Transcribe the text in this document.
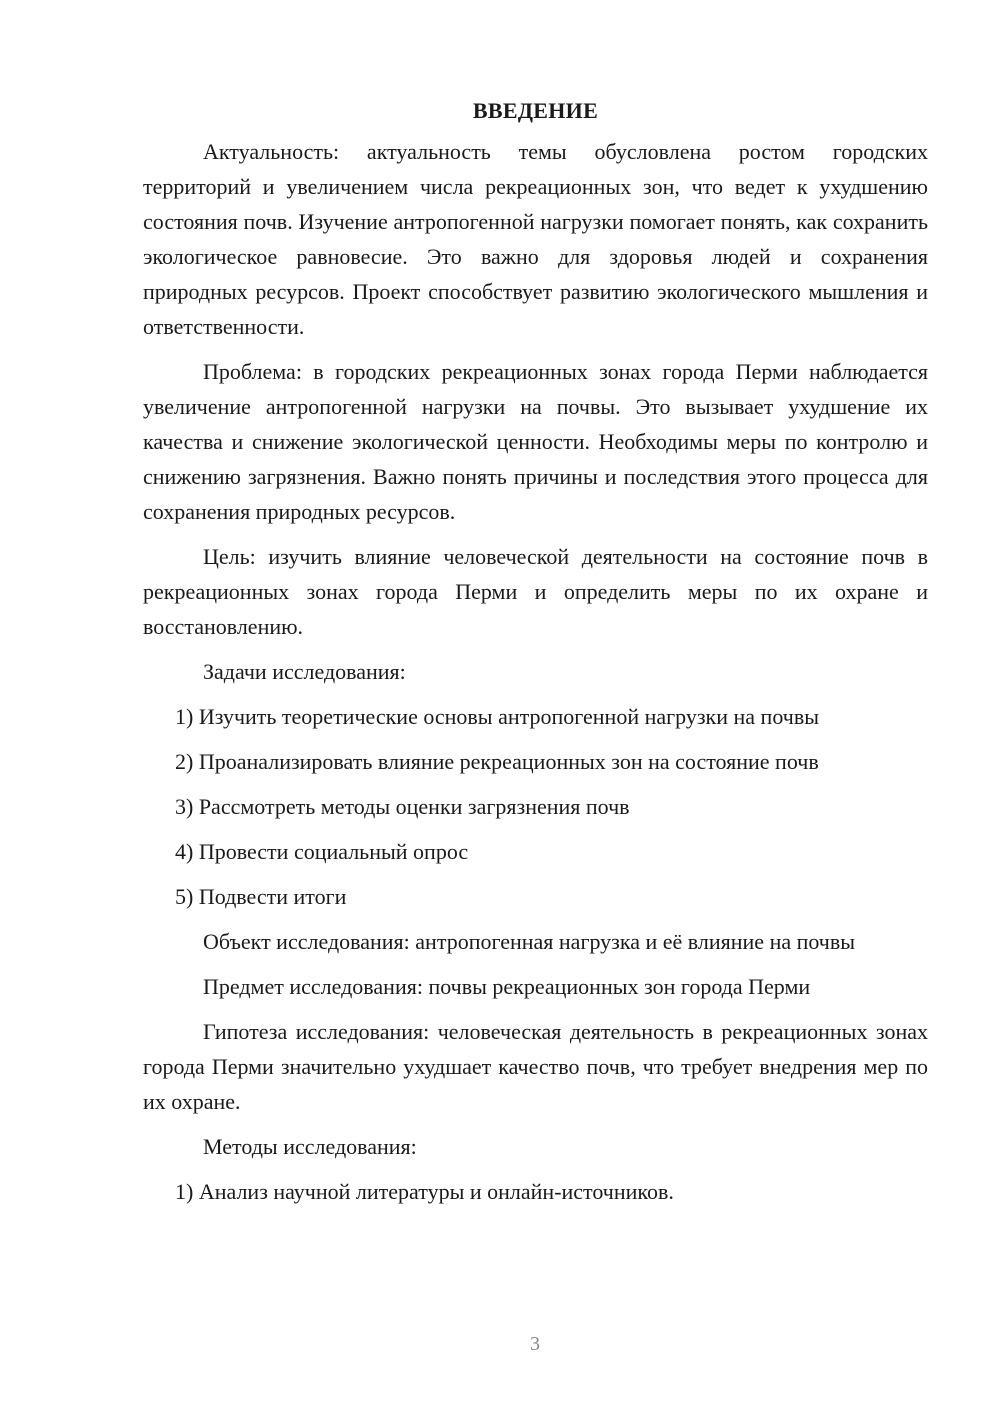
ВВЕДЕНИЕ

Актуальность: актуальность темы обусловлена ростом городских территорий и увеличением числа рекреационных зон, что ведет к ухудшению состояния почв. Изучение антропогенной нагрузки помогает понять, как сохранить экологическое равновесие. Это важно для здоровья людей и сохранения природных ресурсов. Проект способствует развитию экологического мышления и ответственности.

Проблема: в городских рекреационных зонах города Перми наблюдается увеличение антропогенной нагрузки на почвы. Это вызывает ухудшение их качества и снижение экологической ценности. Необходимы меры по контролю и снижению загрязнения. Важно понять причины и последствия этого процесса для сохранения природных ресурсов.

Цель: изучить влияние человеческой деятельности на состояние почв в рекреационных зонах города Перми и определить меры по их охране и восстановлению.

Задачи исследования:

1) Изучить теоретические основы антропогенной нагрузки на почвы

2) Проанализировать влияние рекреационных зон на состояние почв

3) Рассмотреть методы оценки загрязнения почв

4) Провести социальный опрос

5) Подвести итоги

Объект исследования: антропогенная нагрузка и её влияние на почвы

Предмет исследования: почвы рекреационных зон города Перми

Гипотеза исследования: человеческая деятельность в рекреационных зонах города Перми значительно ухудшает качество почв, что требует внедрения мер по их охране.

Методы исследования:

1) Анализ научной литературы и онлайн-источников.

3
